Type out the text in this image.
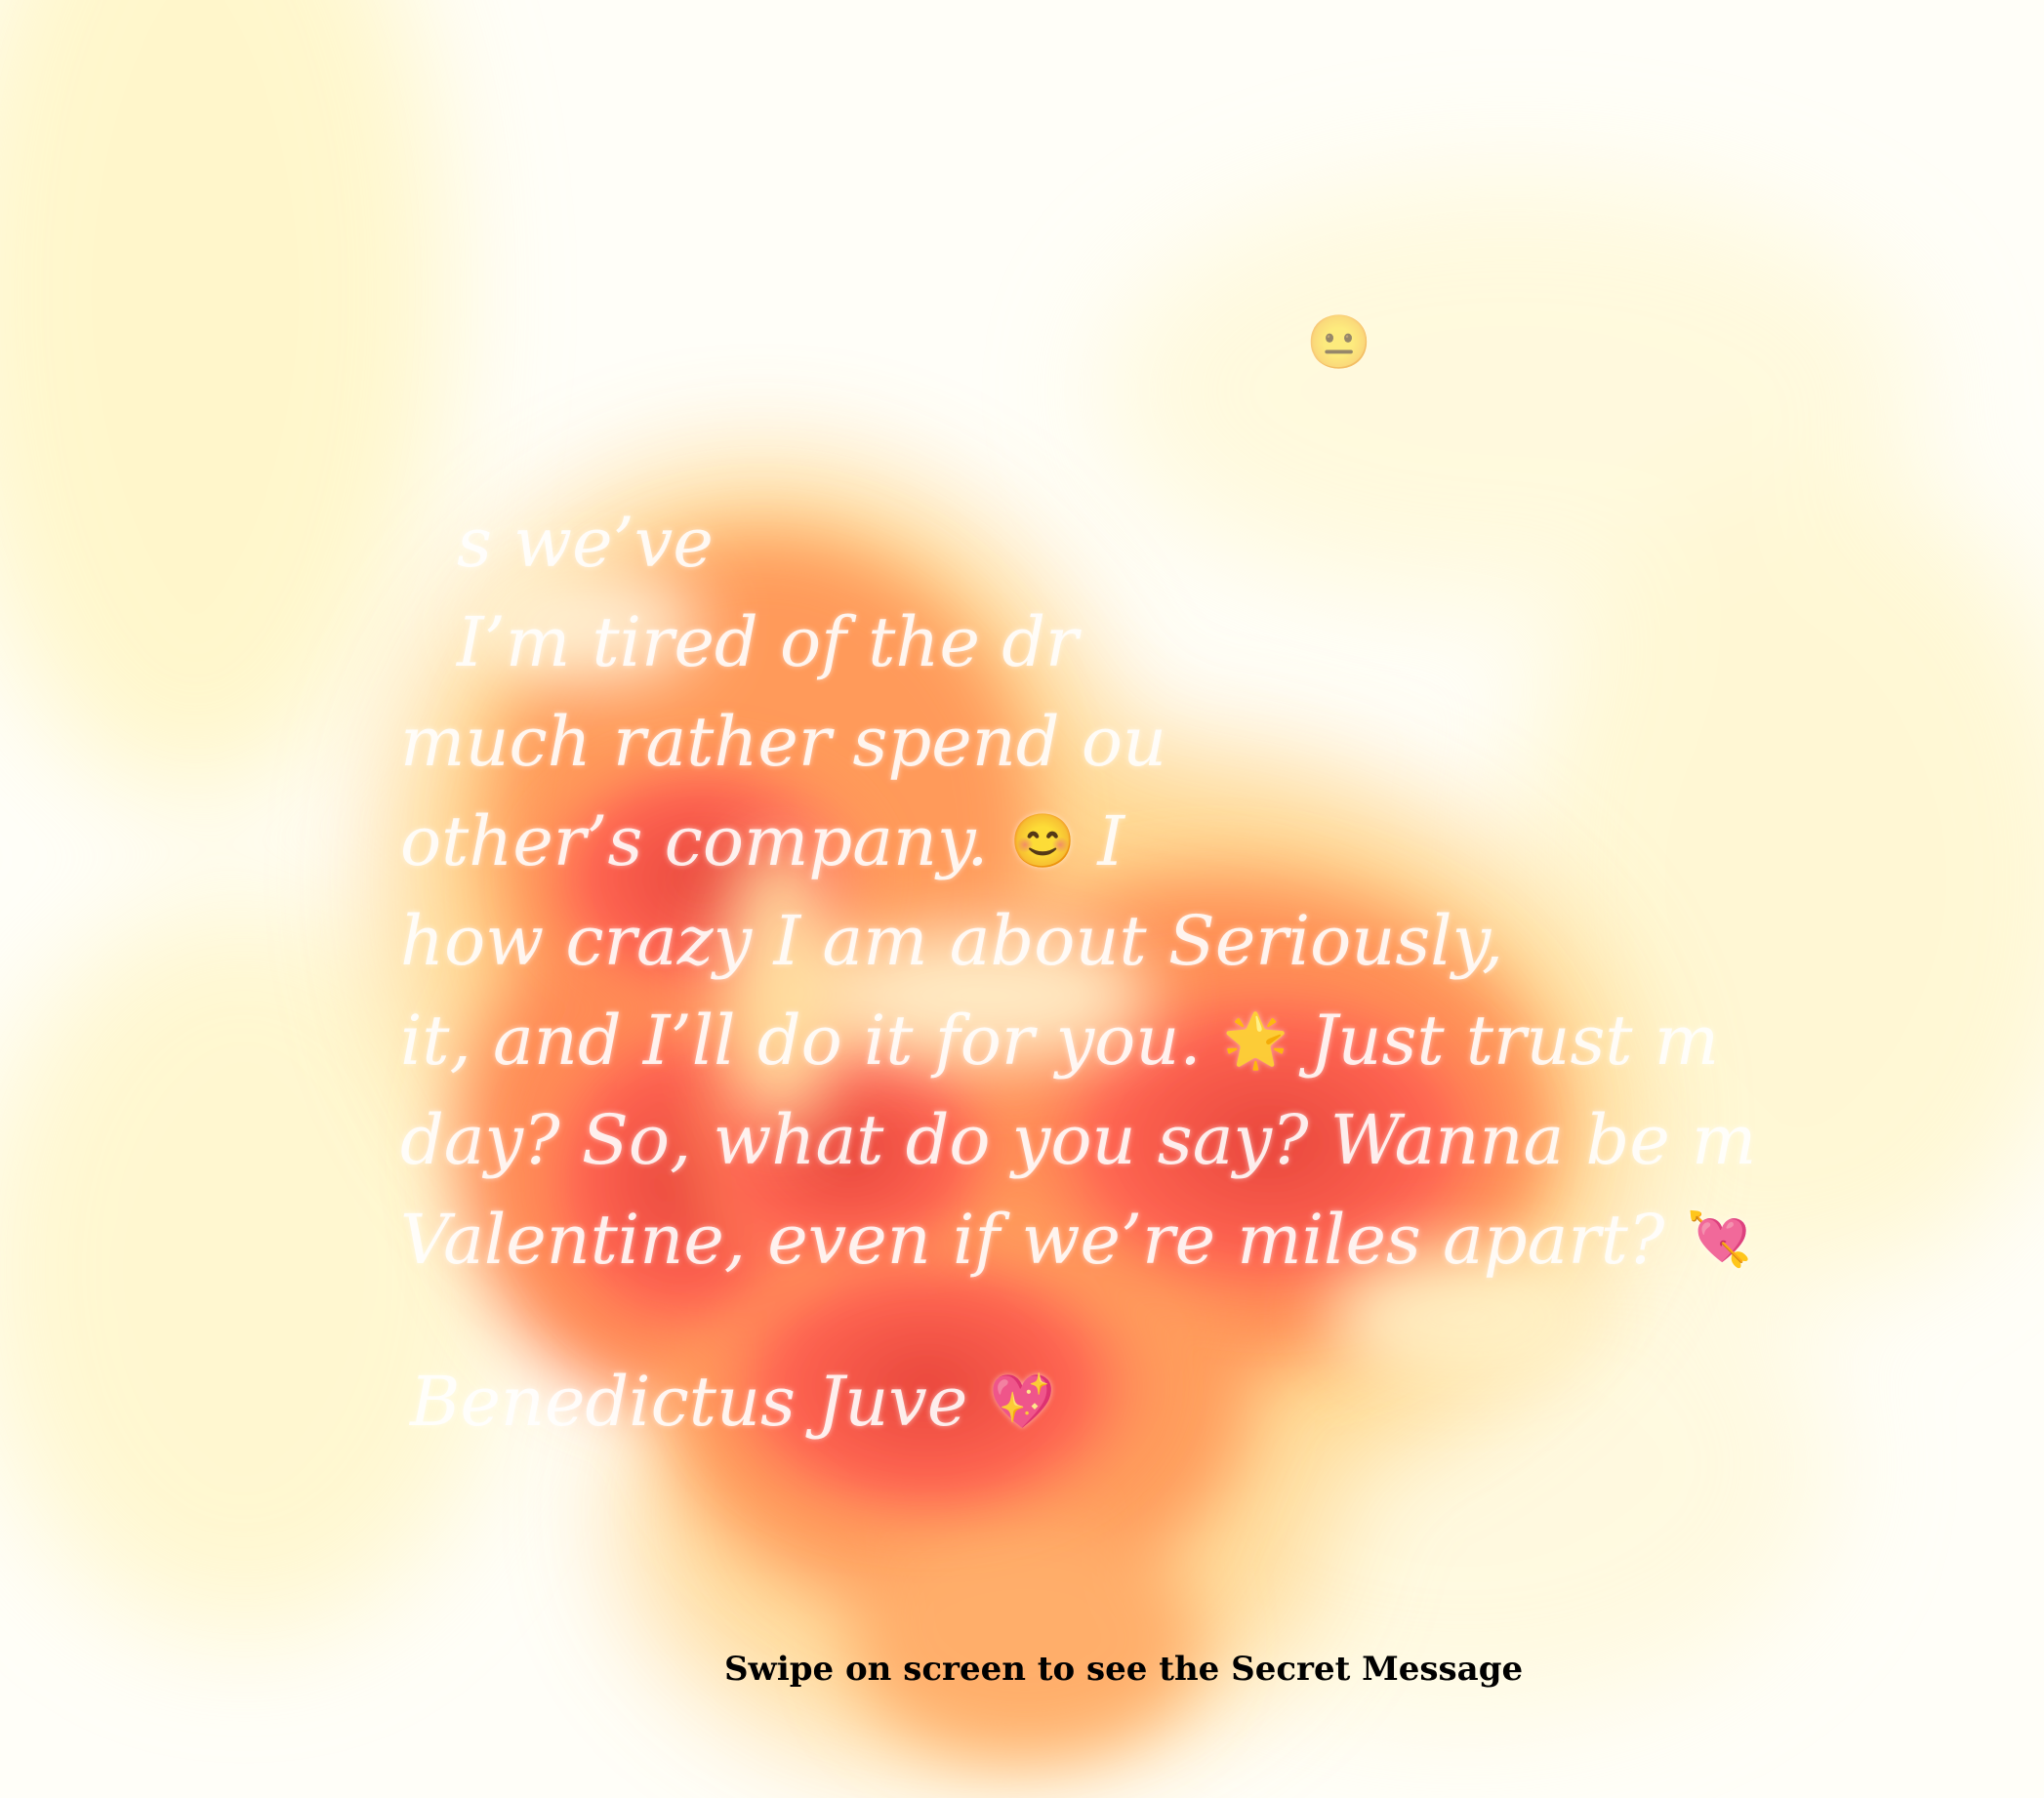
😐
s we’ve
I’m tired of the dr
much rather spend ou
other’s company. 😊 I
how crazy I am about Seriously,
it, and I’ll do it for you. 🌟 Just trust m
day? So, what do you say? Wanna be m
Valentine, even if we’re miles apart? 💘
Benedictus Juve 💖
Swipe on screen to see the Secret Message
